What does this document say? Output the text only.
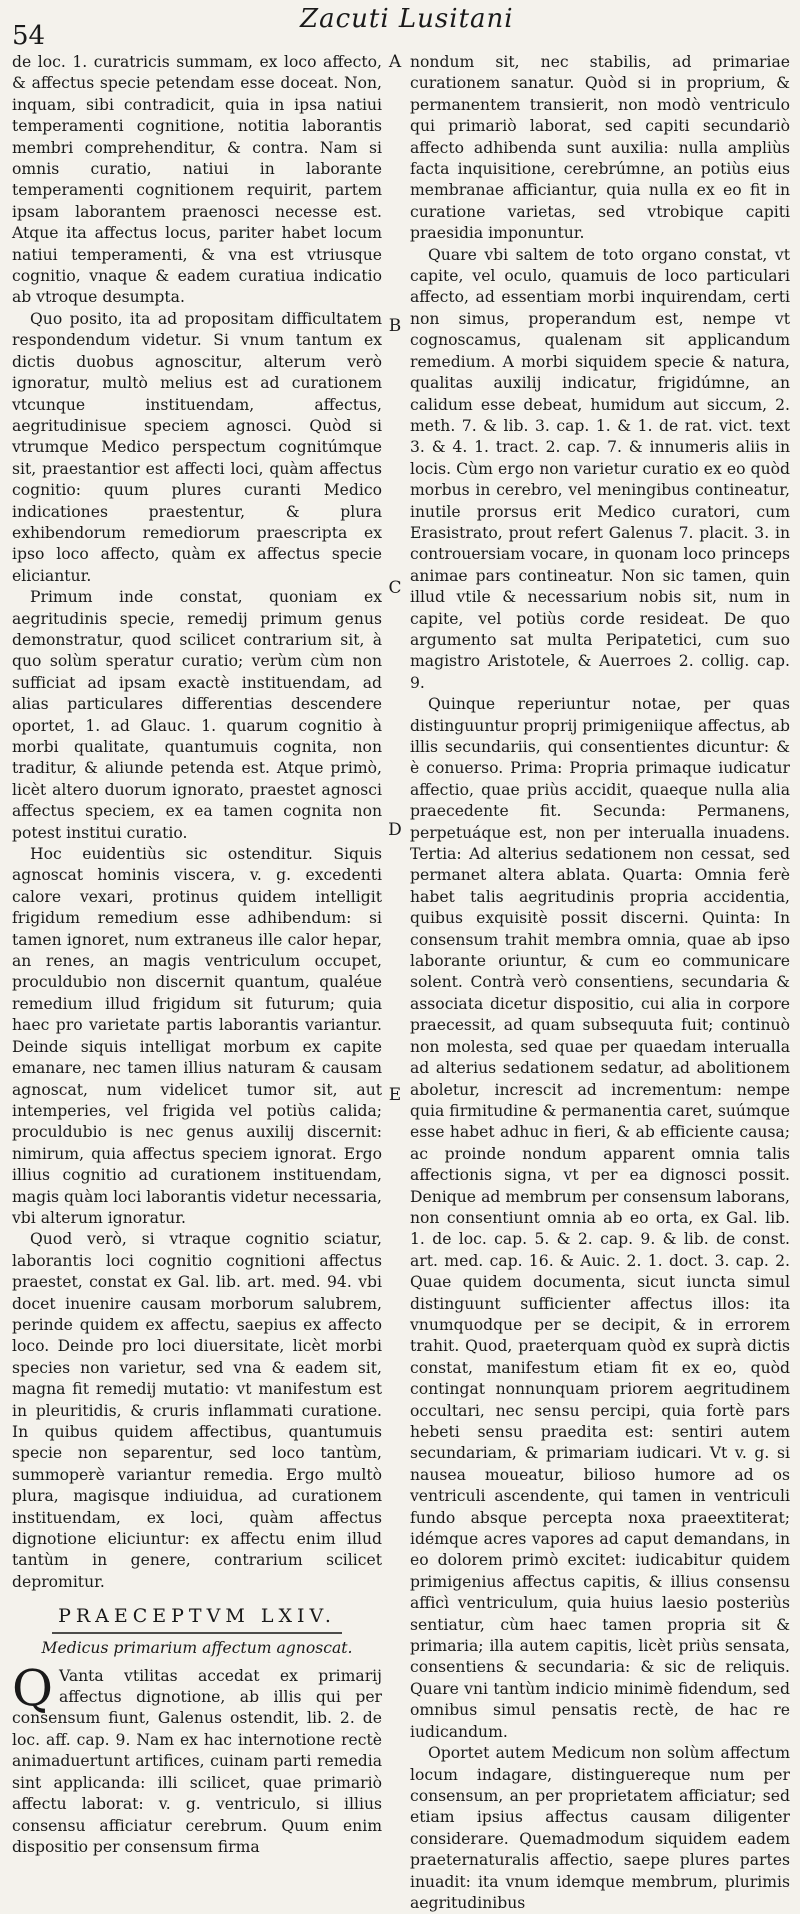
54
Zacuti Lusitani

de loc. 1. curatricis summam, ex loco affecto, & affectus specie petendam esse doceat. Non, inquam, sibi contradicit, quia in ipsa natiui temperamenti cognitione, notitia laborantis membri comprehenditur, & contra. Nam si omnis curatio, natiui in laborante temperamenti cognitionem requirit, partem ipsam laborantem praenosci necesse est. Atque ita affectus locus, pariter habet locum natiui temperamenti, & vna est vtriusque cognitio, vnaque & eadem curatiua indicatio ab vtroque desumpta.

Quo posito, ita ad propositam difficultatem respondendum videtur. Si vnum tantum ex dictis duobus agnoscitur, alterum verò ignoratur, multò melius est ad curationem vtcunque instituendam, affectus, aegritudinisue speciem agnosci. Quòd si vtrumque Medico perspectum cognitúmque sit, praestantior est affecti loci, quàm affectus cognitio: quum plures curanti Medico indicationes praestentur, & plura exhibendorum remediorum praescripta ex ipso loco affecto, quàm ex affectus specie eliciantur.

Primum inde constat, quoniam ex aegritudinis specie, remedij primum genus demonstratur, quod scilicet contrarium sit, à quo solùm speratur curatio; verùm cùm non sufficiat ad ipsam exactè instituendam, ad alias particulares differentias descendere oportet, 1. ad Glauc. 1. quarum cognitio à morbi qualitate, quantumuis cognita, non traditur, & aliunde petenda est. Atque primò, licèt altero duorum ignorato, praestet agnosci affectus speciem, ex ea tamen cognita non potest institui curatio.

Hoc euidentiùs sic ostenditur. Siquis agnoscat hominis viscera, v. g. excedenti calore vexari, protinus quidem intelligit frigidum remedium esse adhibendum: si tamen ignoret, num extraneus ille calor hepar, an renes, an magis ventriculum occupet, proculdubio non discernit quantum, qualéue remedium illud frigidum sit futurum; quia haec pro varietate partis laborantis variantur. Deinde siquis intelligat morbum ex capite emanare, nec tamen illius naturam & causam agnoscat, num videlicet tumor sit, aut intemperies, vel frigida vel potiùs calida; proculdubio is nec genus auxilij discernit: nimirum, quia affectus speciem ignorat. Ergo illius cognitio ad curationem instituendam, magis quàm loci laborantis videtur necessaria, vbi alterum ignoratur.

Quod verò, si vtraque cognitio sciatur, laborantis loci cognitio cognitioni affectus praestet, constat ex Gal. lib. art. med. 94. vbi docet inuenire causam morborum salubrem, perinde quidem ex affectu, saepius ex affecto loco. Deinde pro loci diuersitate, licèt morbi species non varietur, sed vna & eadem sit, magna fit remedij mutatio: vt manifestum est in pleuritidis, & cruris inflammati curatione. In quibus quidem affectibus, quantumuis specie non separentur, sed loco tantùm, summoperè variantur remedia. Ergo multò plura, magisque indiuidua, ad curationem instituendam, ex loci, quàm affectus dignotione eliciuntur: ex affectu enim illud tantùm in genere, contrarium scilicet depromitur.

PRAECEPTVM LXIV.

Medicus primarium affectum agnoscat.

Q Vanta vtilitas accedat ex primarij affectus dignotione, ab illis qui per consensum fiunt, Galenus ostendit, lib. 2. de loc. aff. cap. 9. Nam ex hac internotione rectè animaduertunt artifices, cuinam parti remedia sint applicanda: illi scilicet, quae primariò affectu laborat: v. g. ventriculo, si illius consensu afficiatur cerebrum. Quum enim dispositio per consensum firma

A
B
C
D
E

nondum sit, nec stabilis, ad primariae curationem sanatur. Quòd si in proprium, & permanentem transierit, non modò ventriculo qui primariò laborat, sed capiti secundariò affecto adhibenda sunt auxilia: nulla ampliùs facta inquisitione, cerebrúmne, an potiùs eius membranae afficiantur, quia nulla ex eo fit in curatione varietas, sed vtrobique capiti praesidia imponuntur.

Quare vbi saltem de toto organo constat, vt capite, vel oculo, quamuis de loco particulari affecto, ad essentiam morbi inquirendam, certi non simus, properandum est, nempe vt cognoscamus, qualenam sit applicandum remedium. A morbi siquidem specie & natura, qualitas auxilij indicatur, frigidúmne, an calidum esse debeat, humidum aut siccum, 2. meth. 7. & lib. 3. cap. 1. & 1. de rat. vict. text 3. & 4. 1. tract. 2. cap. 7. & innumeris aliis in locis. Cùm ergo non varietur curatio ex eo quòd morbus in cerebro, vel meningibus contineatur, inutile prorsus erit Medico curatori, cum Erasistrato, prout refert Galenus 7. placit. 3. in controuersiam vocare, in quonam loco princeps animae pars contineatur. Non sic tamen, quin illud vtile & necessarium nobis sit, num in capite, vel potiùs corde resideat. De quo argumento sat multa Peripatetici, cum suo magistro Aristotele, & Auerroes 2. collig. cap. 9.

Quinque reperiuntur notae, per quas distinguuntur proprij primigeniique affectus, ab illis secundariis, qui consentientes dicuntur: & è conuerso. Prima: Propria primaque iudicatur affectio, quae priùs accidit, quaeque nulla alia praecedente fit. Secunda: Permanens, perpetuáque est, non per interualla inuadens. Tertia: Ad alterius sedationem non cessat, sed permanet altera ablata. Quarta: Omnia ferè habet talis aegritudinis propria accidentia, quibus exquisitè possit discerni. Quinta: In consensum trahit membra omnia, quae ab ipso laborante oriuntur, & cum eo communicare solent. Contrà verò consentiens, secundaria & associata dicetur dispositio, cui alia in corpore praecessit, ad quam subsequuta fuit; continuò non molesta, sed quae per quaedam interualla ad alterius sedationem sedatur, ad abolitionem aboletur, increscit ad incrementum: nempe quia firmitudine & permanentia caret, suúmque esse habet adhuc in fieri, & ab efficiente causa; ac proinde nondum apparent omnia talis affectionis signa, vt per ea dignosci possit. Denique ad membrum per consensum laborans, non consentiunt omnia ab eo orta, ex Gal. lib. 1. de loc. cap. 5. & 2. cap. 9. & lib. de const. art. med. cap. 16. & Auic. 2. 1. doct. 3. cap. 2. Quae quidem documenta, sicut iuncta simul distinguunt sufficienter affectus illos: ita vnumquodque per se decipit, & in errorem trahit. Quod, praeterquam quòd ex suprà dictis constat, manifestum etiam fit ex eo, quòd contingat nonnunquam priorem aegritudinem occultari, nec sensu percipi, quia fortè pars hebeti sensu praedita est: sentiri autem secundariam, & primariam iudicari. Vt v. g. si nausea moueatur, bilioso humore ad os ventriculi ascendente, qui tamen in ventriculi fundo absque percepta noxa praeextiterat; idémque acres vapores ad caput demandans, in eo dolorem primò excitet: iudicabitur quidem primigenius affectus capitis, & illius consensu afficì ventriculum, quia huius laesio posteriùs sentiatur, cùm haec tamen propria sit & primaria; illa autem capitis, licèt priùs sensata, consentiens & secundaria: & sic de reliquis. Quare vni tantùm indicio minimè fidendum, sed omnibus simul pensatis rectè, de hac re iudicandum.

Oportet autem Medicum non solùm affectum locum indagare, distinguereque num per consensum, an per proprietatem afficiatur; sed etiam ipsius affectus causam diligenter considerare. Quemadmodum siquidem eadem praeternaturalis affectio, saepe plures partes inuadit: ita vnum idemque membrum, plurimis aegritudinibus
